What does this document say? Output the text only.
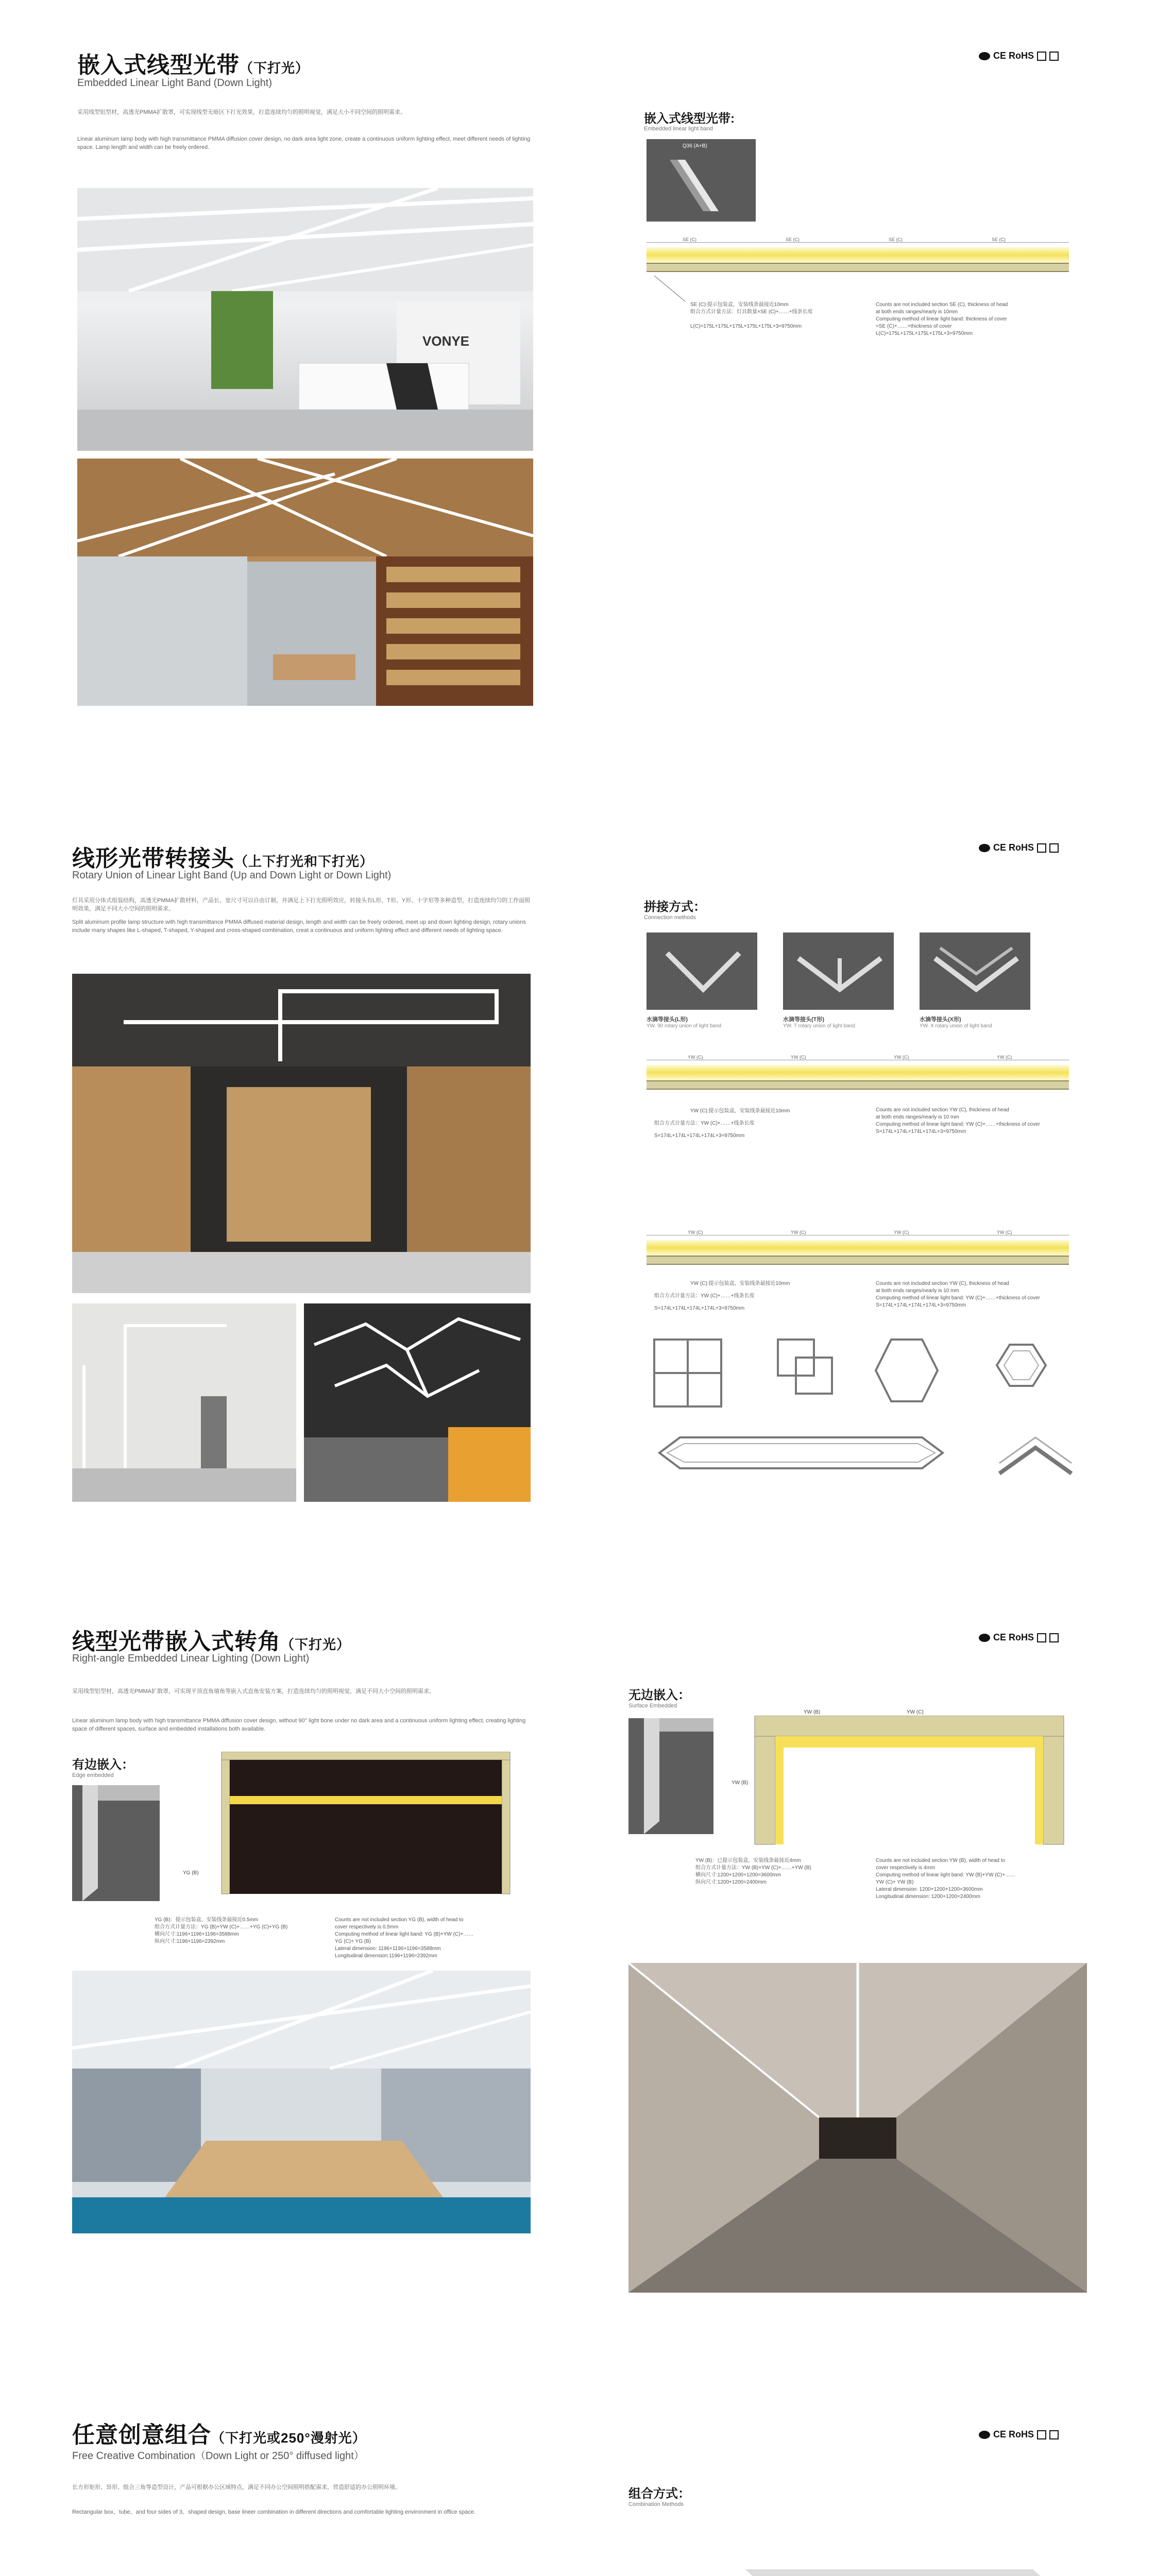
嵌入式线型光带（下打光）
Embedded Linear Light Band (Down Light)
采用线型铝型材，高透光PMMA扩散罩，可实现线型无暗区下打光效果，打造连续均匀的照明视觉，满足大小不同空间的照明需求。
Linear aluminum lamp body with high transmittance PMMA diffusion cover design, no dark area light zone, create a continuous uniform lighting effect, meet different needs of lighting space. Lamp length and width can be freely ordered.
CE RoHS
嵌入式线型光带:
Embedded linear light band
Q36 (A+B)
SE (C)	SE (C)	SE (C)	SE (C)
SE (C):提示包装盒，安装线条最接近10mm
组合方式计量方法：灯具数量×SE (C)+……+线条长度
L(C)=175L+175L+175L+175L+175L+3=9750mm
Counts are not included section SE (C), thickness of head
at both ends ranges/nearly is 10mm
Computing method of linear light band: thickness of cover
=SE (C)+……+thickness of cover
L(C)=175L+175L+175L+175L+3=9750mm
VONYE
线形光带转接头（上下打光和下打光）
Rotary Union of Linear Light Band (Up and Down Light or Down Light)
灯具采用分体式组装结构，高透光PMMA扩散材料，产品长、宽尺寸可以自由订制，并满足上下打光照明效应，转接头有L形、T形、Y形、十字形等多种造型，打造连续均匀的工作面照明效果，满足不同大小空间的照明需求。
Split aluminum profile lamp structure with high transmittance PMMA diffused material design, length and width can be freely ordered, meet up and down lighting design, rotary unions include many shapes like L-shaped, T-shaped, Y-shaped and cross-shaped combination, creat a continuous and uniform lighting effect and different needs of lighting space.
CE RoHS
拼接方式：
Connection methods
水滴等接头(L形)
YW. 90 rotary union of light band
水滴等接头(T形)
YW. T rotary union of light band
水滴等接头(X形)
YW. X rotary union of light band
YW (C)	YW (C)	YW (C)	YW (C)
YW (C):提示包装盒，安装线条最接近10mm
组合方式计量方法：YW (C)+……+线条长度
S=174L+174L+174L+174L+3=9750mm
Counts are not included section YW (C), thickness of head
at both ends ranges/nearly is 10 mm
Computing method of linear light band: YW (C)+……+thickness of cover
S=174L+174L+174L+174L+3=9750mm
YW (C)	YW (C)	YW (C)	YW (C)
YW (C):提示包装盒，安装线条最接近10mm
组合方式计量方法：YW (C)+……+线条长度
S=174L+174L+174L+174L+3=9750mm
Counts are not included section YW (C), thickness of head
at both ends ranges/nearly is 10 mm
Computing method of linear light band: YW (C)+……+thickness of cover
S=174L+174L+174L+174L+3=9750mm
线型光带嵌入式转角（下打光）
Right-angle Embedded Linear Lighting (Down Light)
采用线型铝型材，高透光PMMA扩散罩，可实现平顶直角墙角等嵌入式直角安装方案，打造连续均匀的照明视觉，满足不同大小空间的照明需求。
Linear aluminum lamp body with high transmittance PMMA diffusion cover design, without 90° light bone under no dark area and a continuous uniform lighting effect, creating lighting space of different spaces, surface and embedded installations both available.
CE RoHS
有边嵌入：
Edge embedded
YG (B)
YG (B)：提示包装盒，安装线条最接近0.5mm
组合方式计量方法：YG (B)+YW (C)+……+YG (C)+YG (B)
横向尺寸:1196+1196+1196=3588mm
纵向尺寸:1196+1196=2392mm
Counts are not included section YG (B), width of head to
cover respectively is 0.5mm
Computing method of linear light band: YG (B)+YW (C)+……
YG (C)+ YG (B)
Lateral dimension: 1196+1196+1196=3588mm
Longitudinal dimension:1196+1196=2392mm
无边嵌入：
Surface Embedded
YW (B)	YW (C)
YW (B)
YW (B)：已提示包装盒，安装线条最接近4mm
组合方式计量方法：YW (B)+YW (C)+……+YW (B)
横向尺寸:1200+1200+1200=3600mm
纵向尺寸:1200+1200=2400mm
Counts are not included section YW (B), width of head to
cover respectively is 4mm
Computing method of linear light band: YW (B)+YW (C)+……
YW (C)+ YW (B)
Lateral dimension: 1200+1200+1200=3600mm
Longitudinal dimension: 1200+1200=2400mm
任意创意组合（下打光或250°漫射光）
Free Creative Combination（Down Light or 250° diffused light）
长方形矩形、异形、组合三角等造型设计，产品可根据办公区域特点，满足不同办公空间照明搭配需求，营造舒适的办公照明环境。
Rectangular box、tube、and four sides of 3、shaped design, base lineer combination in different directions and comfortable lighting environment in office space.
CE RoHS
组合方式：
Combination Methods
